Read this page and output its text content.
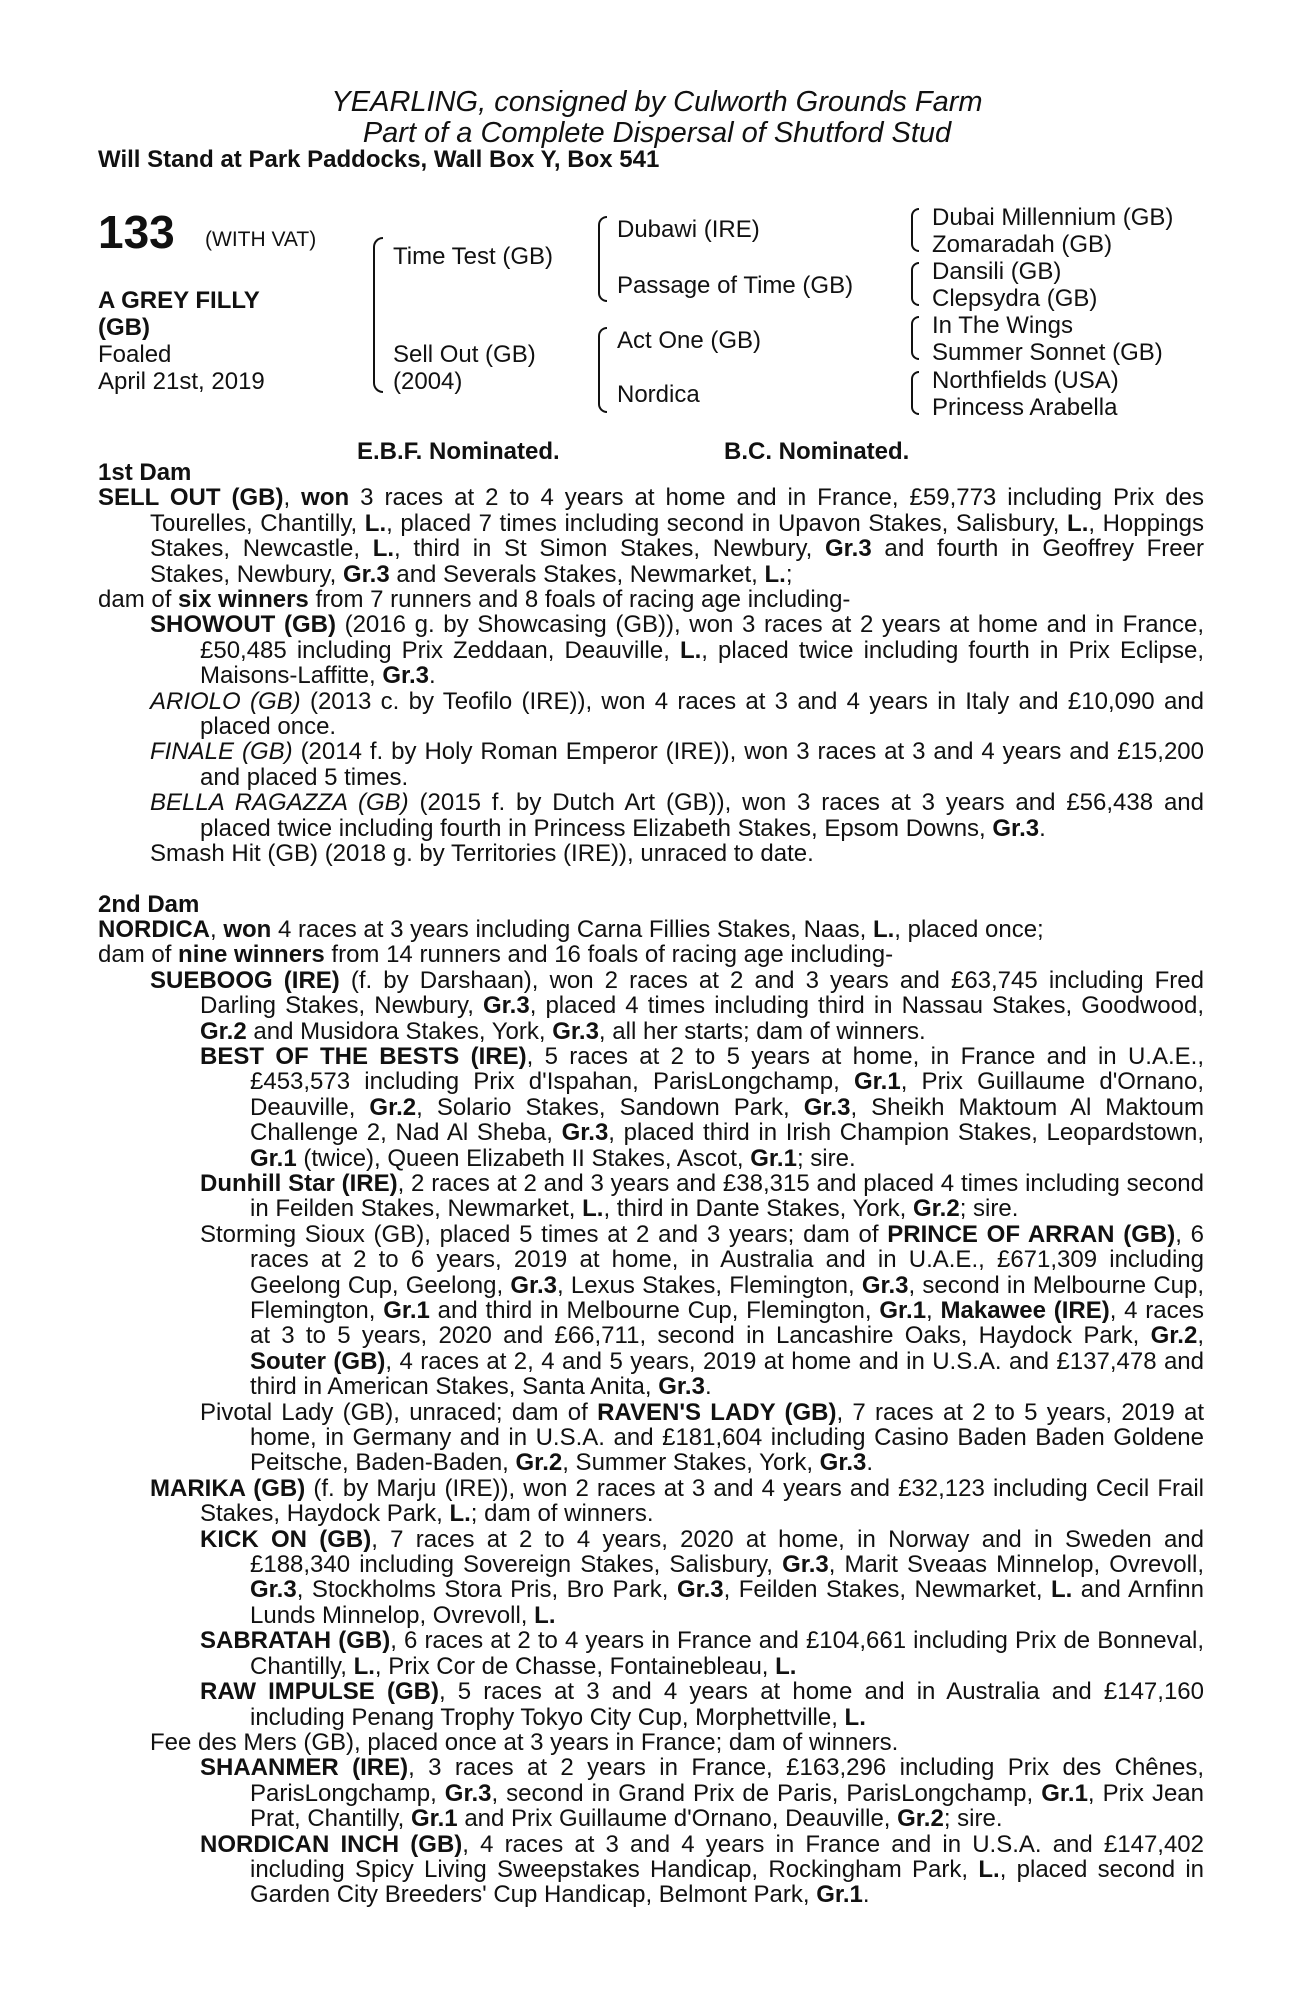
YEARLING, consigned by Culworth Grounds Farm
Part of a Complete Dispersal of Shutford Stud
Will Stand at Park Paddocks, Wall Box Y, Box 541
133 (WITH VAT)
A GREY FILLY
(GB)
Foaled
April 21st, 2019
Time Test (GB)
Sell Out (GB)
(2004)
Dubawi (IRE)
Passage of Time (GB)
Act One (GB)
Nordica
Dubai Millennium (GB)
Zomaradah (GB)
Dansili (GB)
Clepsydra (GB)
In The Wings
Summer Sonnet (GB)
Northfields (USA)
Princess Arabella
E.B.F. Nominated.	B.C. Nominated.
1st Dam

SELL OUT (GB), won 3 races at 2 to 4 years at home and in France, £59,773 including Prix des Tourelles, Chantilly, L., placed 7 times including second in Upavon Stakes, Salisbury, L., Hoppings Stakes, Newcastle, L., third in St Simon Stakes, Newbury, Gr.3 and fourth in Geoffrey Freer Stakes, Newbury, Gr.3 and Severals Stakes, Newmarket, L.;

dam of six winners from 7 runners and 8 foals of racing age including-

SHOWOUT (GB) (2016 g. by Showcasing (GB)), won 3 races at 2 years at home and in France, £50,485 including Prix Zeddaan, Deauville, L., placed twice including fourth in Prix Eclipse, Maisons-Laffitte, Gr.3.

ARIOLO (GB) (2013 c. by Teofilo (IRE)), won 4 races at 3 and 4 years in Italy and £10,090 and placed once.

FINALE (GB) (2014 f. by Holy Roman Emperor (IRE)), won 3 races at 3 and 4 years and £15,200 and placed 5 times.

BELLA RAGAZZA (GB) (2015 f. by Dutch Art (GB)), won 3 races at 3 years and £56,438 and placed twice including fourth in Princess Elizabeth Stakes, Epsom Downs, Gr.3.

Smash Hit (GB) (2018 g. by Territories (IRE)), unraced to date.

2nd Dam

NORDICA, won 4 races at 3 years including Carna Fillies Stakes, Naas, L., placed once;

dam of nine winners from 14 runners and 16 foals of racing age including-

SUEBOOG (IRE) (f. by Darshaan), won 2 races at 2 and 3 years and £63,745 including Fred Darling Stakes, Newbury, Gr.3, placed 4 times including third in Nassau Stakes, Goodwood, Gr.2 and Musidora Stakes, York, Gr.3, all her starts; dam of winners.

BEST OF THE BESTS (IRE), 5 races at 2 to 5 years at home, in France and in U.A.E., £453,573 including Prix d'Ispahan, ParisLongchamp, Gr.1, Prix Guillaume d'Ornano, Deauville, Gr.2, Solario Stakes, Sandown Park, Gr.3, Sheikh Maktoum Al Maktoum Challenge 2, Nad Al Sheba, Gr.3, placed third in Irish Champion Stakes, Leopardstown, Gr.1 (twice), Queen Elizabeth II Stakes, Ascot, Gr.1; sire.

Dunhill Star (IRE), 2 races at 2 and 3 years and £38,315 and placed 4 times including second in Feilden Stakes, Newmarket, L., third in Dante Stakes, York, Gr.2; sire.

Storming Sioux (GB), placed 5 times at 2 and 3 years; dam of PRINCE OF ARRAN (GB), 6 races at 2 to 6 years, 2019 at home, in Australia and in U.A.E., £671,309 including Geelong Cup, Geelong, Gr.3, Lexus Stakes, Flemington, Gr.3, second in Melbourne Cup, Flemington, Gr.1 and third in Melbourne Cup, Flemington, Gr.1, Makawee (IRE), 4 races at 3 to 5 years, 2020 and £66,711, second in Lancashire Oaks, Haydock Park, Gr.2, Souter (GB), 4 races at 2, 4 and 5 years, 2019 at home and in U.S.A. and £137,478 and third in American Stakes, Santa Anita, Gr.3.

Pivotal Lady (GB), unraced; dam of RAVEN'S LADY (GB), 7 races at 2 to 5 years, 2019 at home, in Germany and in U.S.A. and £181,604 including Casino Baden Baden Goldene Peitsche, Baden-Baden, Gr.2, Summer Stakes, York, Gr.3.

MARIKA (GB) (f. by Marju (IRE)), won 2 races at 3 and 4 years and £32,123 including Cecil Frail Stakes, Haydock Park, L.; dam of winners.

KICK ON (GB), 7 races at 2 to 4 years, 2020 at home, in Norway and in Sweden and £188,340 including Sovereign Stakes, Salisbury, Gr.3, Marit Sveaas Minnelop, Ovrevoll, Gr.3, Stockholms Stora Pris, Bro Park, Gr.3, Feilden Stakes, Newmarket, L. and Arnfinn Lunds Minnelop, Ovrevoll, L.

SABRATAH (GB), 6 races at 2 to 4 years in France and £104,661 including Prix de Bonneval, Chantilly, L., Prix Cor de Chasse, Fontainebleau, L.

RAW IMPULSE (GB), 5 races at 3 and 4 years at home and in Australia and £147,160 including Penang Trophy Tokyo City Cup, Morphettville, L.

Fee des Mers (GB), placed once at 3 years in France; dam of winners.

SHAANMER (IRE), 3 races at 2 years in France, £163,296 including Prix des Chênes, ParisLongchamp, Gr.3, second in Grand Prix de Paris, ParisLongchamp, Gr.1, Prix Jean Prat, Chantilly, Gr.1 and Prix Guillaume d'Ornano, Deauville, Gr.2; sire.

NORDICAN INCH (GB), 4 races at 3 and 4 years in France and in U.S.A. and £147,402 including Spicy Living Sweepstakes Handicap, Rockingham Park, L., placed second in Garden City Breeders' Cup Handicap, Belmont Park, Gr.1.
